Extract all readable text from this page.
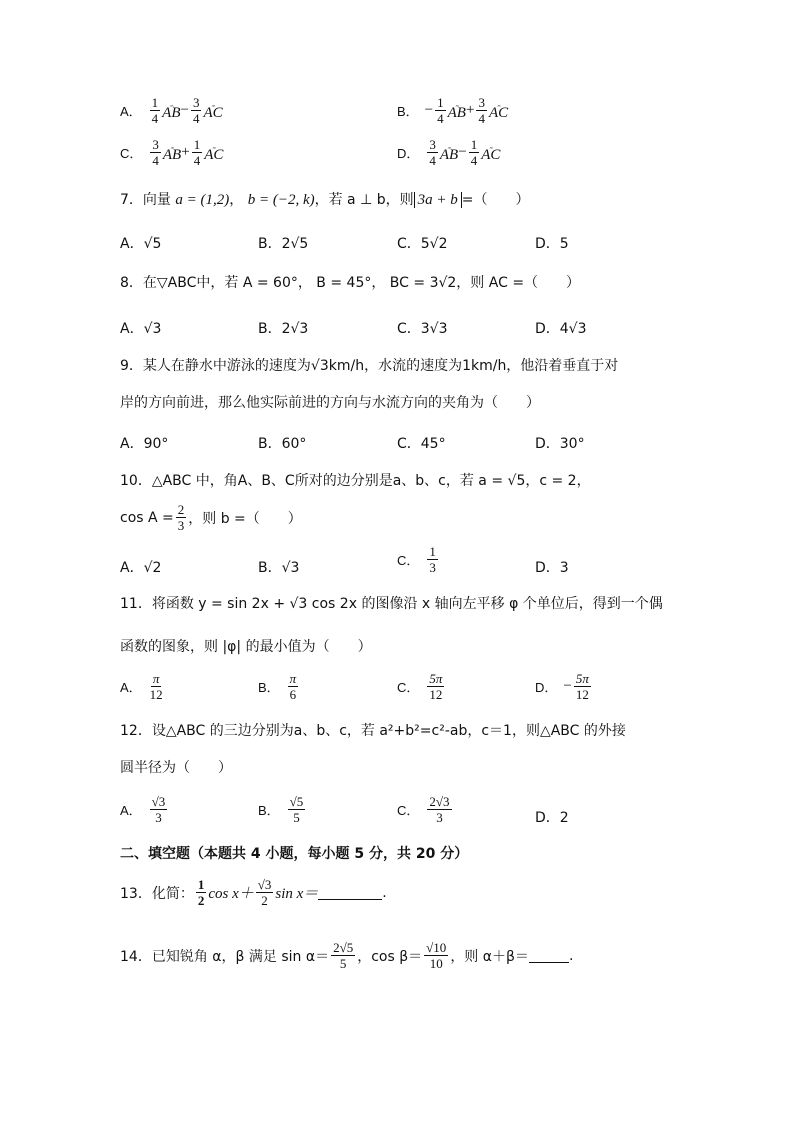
A． $\frac{1}{4}$ ꞈꞈ
AB − $\frac{3}{4}$ ꞈꞈ
AC	B． − $\frac{1}{4}$ ꞈꞈ
AB + $\frac{3}{4}$ ꞈꞈ
AC
C． $\frac{3}{4}$ ꞈꞈ
AB + $\frac{1}{4}$ ꞈꞈ
AC	D． $\frac{3}{4}$ ꞈꞈ
AB − $\frac{1}{4}$ ꞈꞈ
AC
7．向量 a = (1,2)， b = (−2, k)，若 a ⊥ b，则 3a + b =（　　）
A．√5	B．2√5	C．5√2	D．5
8．在▽ABC中，若 A = 60°， B = 45°， BC = 3√2，则 AC =（　　）
A．√3	B．2√3	C．3√3	D．4√3
9．某人在静水中游泳的速度为√3km/h，水流的速度为1km/h，他沿着垂直于对
岸的方向前进，那么他实际前进的方向与水流方向的夹角为（　　）
A．90°	B．60°	C．45°	D．30°
10．△ABC 中，角A、B、C所对的边分别是a、b、c，若 a = √5，c = 2，
$\cos A = \frac{2}{3}$ ，则 b =（　　）
A．√2	B．√3	C． $\frac{1}{3}$	D．3
11．将函数 y = sin 2x + √3 cos 2x 的图像沿 x 轴向左平移 φ 个单位后，得到一个偶
函数的图象，则 |φ| 的最小值为（　　）
A． $\frac{\pi}{12}$	B． $\frac{\pi}{6}$	C． $\frac{5\pi}{12}$	D． − $\frac{5\pi}{12}$
12．设△ABC 的三边分别为a、b、c，若 a²+b²=c²-ab，c＝1，则△ABC 的外接
圆半径为（　　）
A． $\frac{√3}{3}$	B． $\frac{√5}{5}$	C． $\frac{2√3}{3}$	D．2
二、填空题（本题共 4 小题，每小题 5 分，共 20 分）
13．化简： $\frac{1}{2}$ $\cos x+ \frac{√3}{2}$ sin x＝	.
14．已知锐角 α，β 满足 $\sin \alpha= \frac{2√5}{5}$ ，$\cos \beta= \frac{√10}{10}$ ，则 α＋β＝	.
